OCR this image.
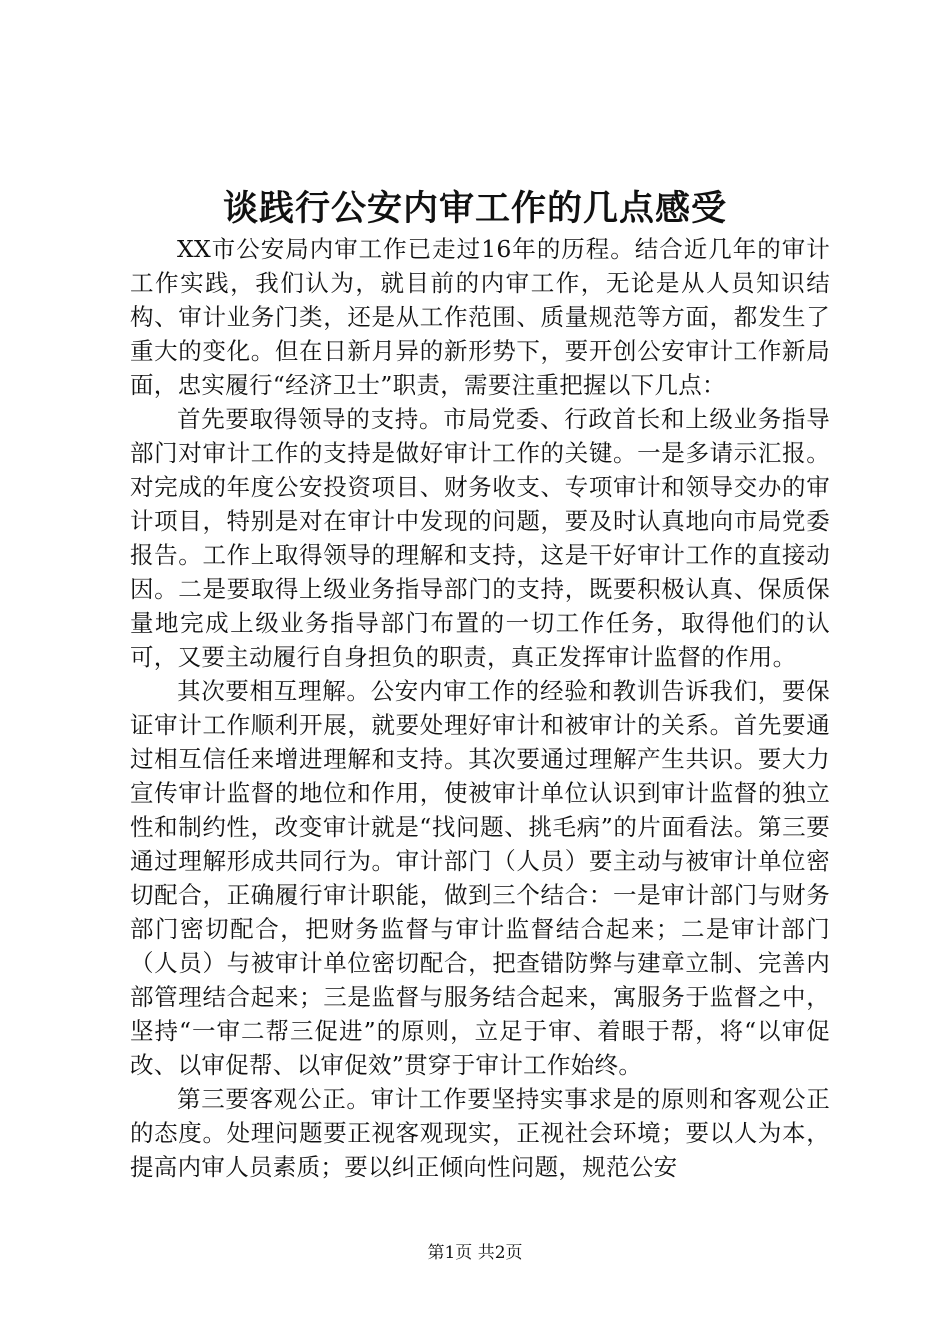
谈践行公安内审工作的几点感受

XX市公安局内审工作已走过16年的历程。结合近几年的审计工作实践，我们认为，就目前的内审工作，无论是从人员知识结构、审计业务门类，还是从工作范围、质量规范等方面，都发生了重大的变化。但在日新月异的新形势下，要开创公安审计工作新局面，忠实履行“经济卫士”职责，需要注重把握以下几点：

首先要取得领导的支持。市局党委、行政首长和上级业务指导部门对审计工作的支持是做好审计工作的关键。一是多请示汇报。对完成的年度公安投资项目、财务收支、专项审计和领导交办的审计项目，特别是对在审计中发现的问题，要及时认真地向市局党委报告。工作上取得领导的理解和支持，这是干好审计工作的直接动因。二是要取得上级业务指导部门的支持，既要积极认真、保质保量地完成上级业务指导部门布置的一切工作任务，取得他们的认可，又要主动履行自身担负的职责，真正发挥审计监督的作用。

其次要相互理解。公安内审工作的经验和教训告诉我们，要保证审计工作顺利开展，就要处理好审计和被审计的关系。首先要通过相互信任来增进理解和支持。其次要通过理解产生共识。要大力宣传审计监督的地位和作用，使被审计单位认识到审计监督的独立性和制约性，改变审计就是“找问题、挑毛病”的片面看法。第三要通过理解形成共同行为。审计部门（人员）要主动与被审计单位密切配合，正确履行审计职能，做到三个结合：一是审计部门与财务部门密切配合，把财务监督与审计监督结合起来；二是审计部门（人员）与被审计单位密切配合，把查错防弊与建章立制、完善内部管理结合起来；三是监督与服务结合起来，寓服务于监督之中，坚持“一审二帮三促进”的原则，立足于审、着眼于帮，将“以审促改、以审促帮、以审促效”贯穿于审计工作始终。

第三要客观公正。审计工作要坚持实事求是的原则和客观公正的态度。处理问题要正视客观现实，正视社会环境；要以人为本，提高内审人员素质；要以纠正倾向性问题，规范公安

第1页 共2页
